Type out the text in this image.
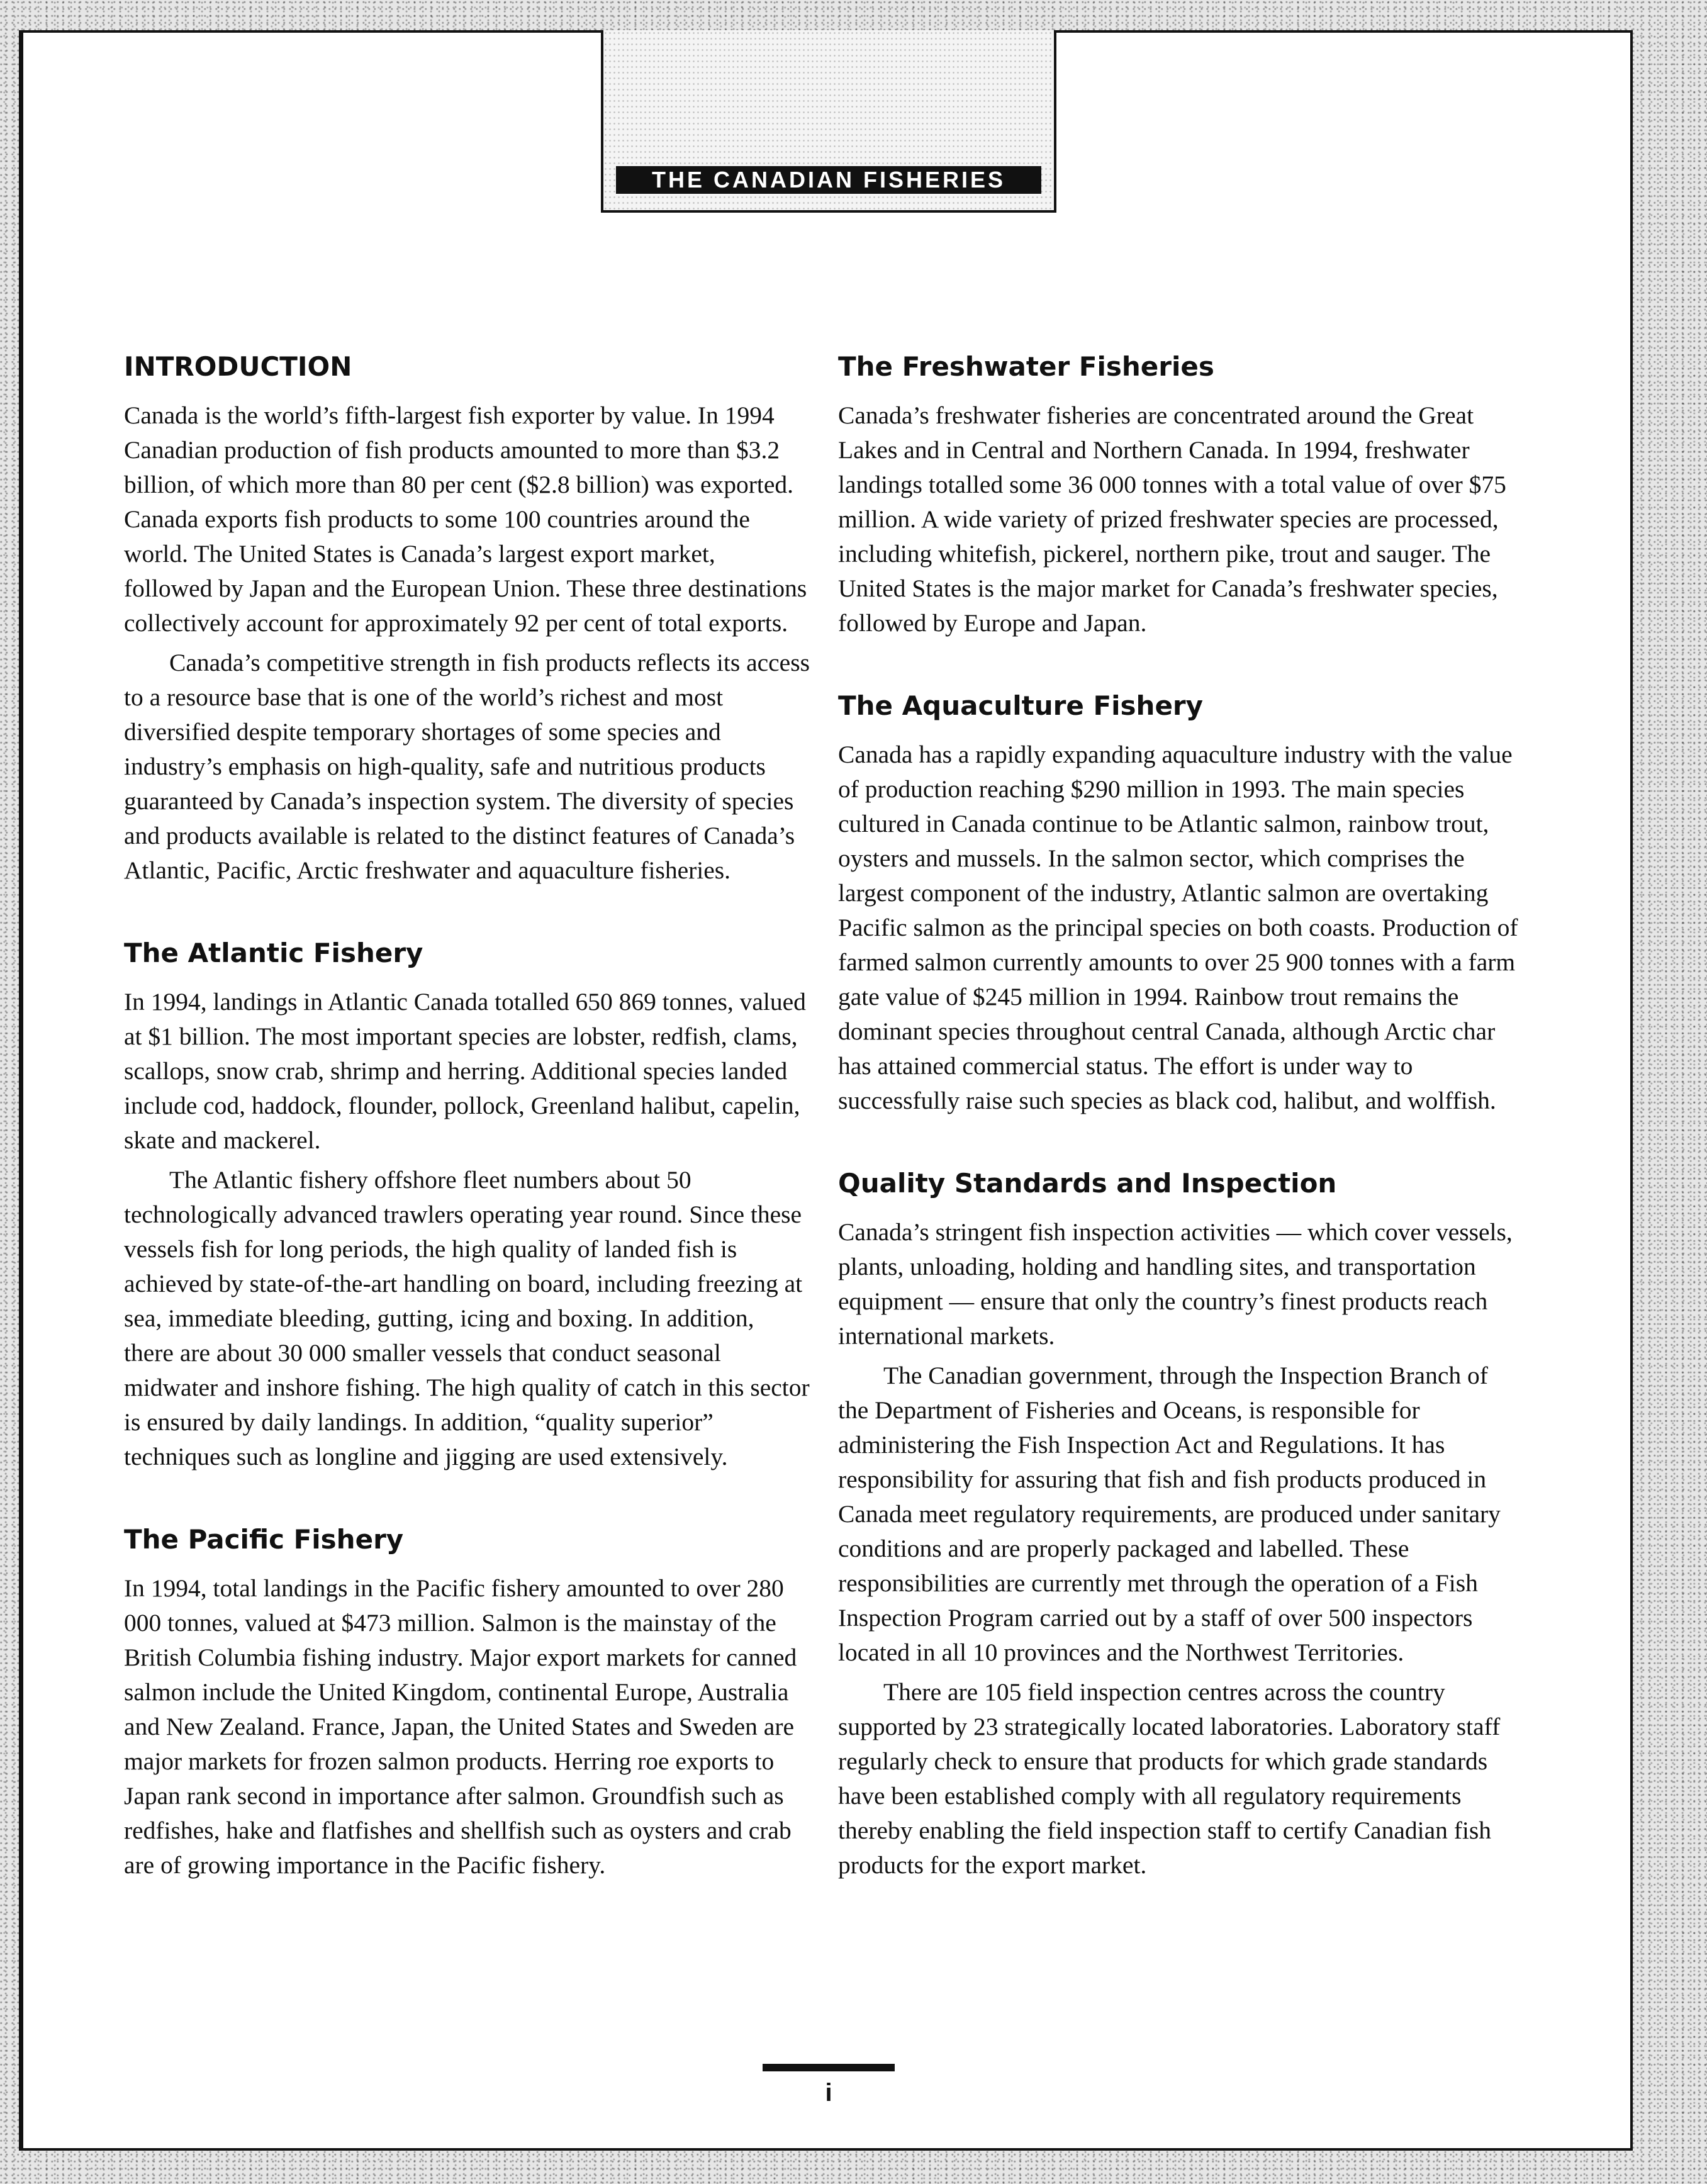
THE CANADIAN FISHERIES
INTRODUCTION

Canada is the world’s fifth-largest fish exporter by value. In 1994 Canadian production of fish products amounted to more than $3.2 billion, of which more than 80 per cent ($2.8 billion) was exported. Canada exports fish products to some 100 countries around the world. The United States is Canada’s largest export market, followed by Japan and the European Union. These three destinations collectively account for approximately 92 per cent of total exports.

Canada’s competitive strength in fish products reflects its access to a resource base that is one of the world’s richest and most diversified despite temporary shortages of some species and industry’s emphasis on high-quality, safe and nutritious products guaranteed by Canada’s inspection system. The diversity of species and products available is related to the distinct features of Canada’s Atlantic, Pacific, Arctic freshwater and aquaculture fisheries.

The Atlantic Fishery

In 1994, landings in Atlantic Canada totalled 650 869 tonnes, valued at $1 billion. The most important species are lobster, redfish, clams, scallops, snow crab, shrimp and herring. Additional species landed include cod, haddock, flounder, pollock, Greenland halibut, capelin, skate and mackerel.

The Atlantic fishery offshore fleet numbers about 50 technologically advanced trawlers operating year round. Since these vessels fish for long periods, the high quality of landed fish is achieved by state-of-the-art handling on board, including freezing at sea, immediate bleeding, gutting, icing and boxing. In addition, there are about 30 000 smaller vessels that conduct seasonal midwater and inshore fishing. The high quality of catch in this sector is ensured by daily landings. In addition, “quality superior” techniques such as longline and jigging are used extensively.

The Pacific Fishery

In 1994, total landings in the Pacific fishery amounted to over 280 000 tonnes, valued at $473 million. Salmon is the mainstay of the British Columbia fishing industry. Major export markets for canned salmon include the United Kingdom, continental Europe, Australia and New Zealand. France, Japan, the United States and Sweden are major markets for frozen salmon products. Herring roe exports to Japan rank second in importance after salmon. Groundfish such as redfishes, hake and flatfishes and shellfish such as oysters and crab are of growing importance in the Pacific fishery.

The Freshwater Fisheries

Canada’s freshwater fisheries are concentrated around the Great Lakes and in Central and Northern Canada. In 1994, freshwater landings totalled some 36 000 tonnes with a total value of over $75 million. A wide variety of prized freshwater species are processed, including whitefish, pickerel, northern pike, trout and sauger. The United States is the major market for Canada’s freshwater species, followed by Europe and Japan.

The Aquaculture Fishery

Canada has a rapidly expanding aquaculture industry with the value of production reaching $290 million in 1993. The main species cultured in Canada continue to be Atlantic salmon, rainbow trout, oysters and mussels. In the salmon sector, which comprises the largest component of the industry, Atlantic salmon are overtaking Pacific salmon as the principal species on both coasts. Production of farmed salmon currently amounts to over 25 900 tonnes with a farm gate value of $245 million in 1994. Rainbow trout remains the dominant species throughout central Canada, although Arctic char has attained commercial status. The effort is under way to successfully raise such species as black cod, halibut, and wolffish.

Quality Standards and Inspection

Canada’s stringent fish inspection activities — which cover vessels, plants, unloading, holding and handling sites, and transportation equipment — ensure that only the country’s finest products reach international markets.

The Canadian government, through the Inspection Branch of the Department of Fisheries and Oceans, is responsible for administering the Fish Inspection Act and Regulations. It has responsibility for assuring that fish and fish products produced in Canada meet regulatory requirements, are produced under sanitary conditions and are properly packaged and labelled. These responsibilities are currently met through the operation of a Fish Inspection Program carried out by a staff of over 500 inspectors located in all 10 provinces and the Northwest Territories.

There are 105 field inspection centres across the country supported by 23 strategically located laboratories. Laboratory staff regularly check to ensure that products for which grade standards have been established comply with all regulatory requirements thereby enabling the field inspection staff to certify Canadian fish products for the export market.

i
